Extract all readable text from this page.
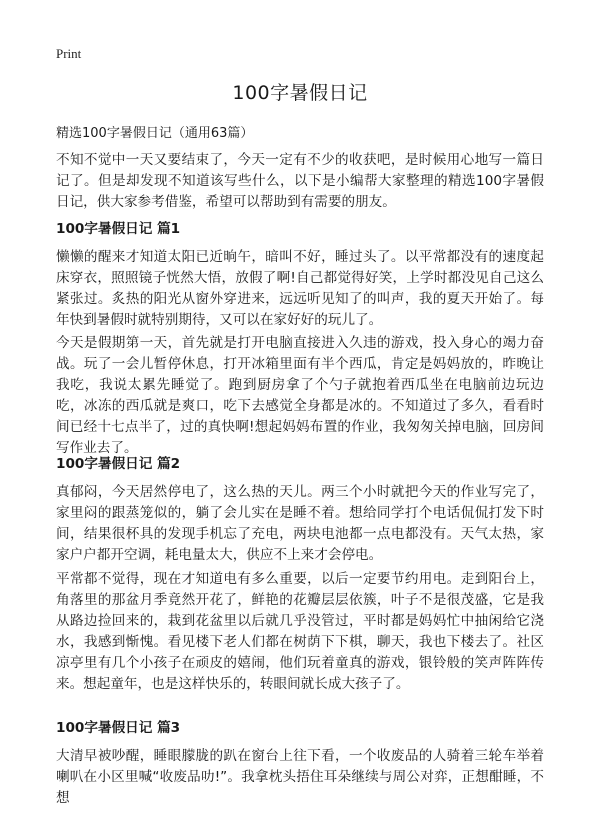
Print
100字暑假日记

精选100字暑假日记（通用63篇）

不知不觉中一天又要结束了，今天一定有不少的收获吧，是时候用心地写一篇日记了。但是却发现不知道该写些什么，以下是小编帮大家整理的精选100字暑假日记，供大家参考借鉴，希望可以帮助到有需要的朋友。

100字暑假日记 篇1

懒懒的醒来才知道太阳已近晌午，暗叫不好，睡过头了。以平常都没有的速度起床穿衣，照照镜子恍然大悟，放假了啊!自己都觉得好笑，上学时都没见自己这么紧张过。炙热的阳光从窗外穿进来，远远听见知了的叫声，我的夏天开始了。每年快到暑假时就特别期待，又可以在家好好的玩儿了。

今天是假期第一天，首先就是打开电脑直接进入久违的游戏，投入身心的竭力奋战。玩了一会儿暂停休息，打开冰箱里面有半个西瓜，肯定是妈妈放的，昨晚让我吃，我说太累先睡觉了。跑到厨房拿了个勺子就抱着西瓜坐在电脑前边玩边吃，冰冻的西瓜就是爽口，吃下去感觉全身都是冰的。不知道过了多久，看看时间已经十七点半了，过的真快啊!想起妈妈布置的作业，我匆匆关掉电脑，回房间写作业去了。

100字暑假日记 篇2

真郁闷，今天居然停电了，这么热的天儿。两三个小时就把今天的作业写完了，家里闷的跟蒸笼似的，躺了会儿实在是睡不着。想给同学打个电话侃侃打发下时间，结果很杯具的发现手机忘了充电，两块电池都一点电都没有。天气太热，家家户户都开空调，耗电量太大，供应不上来才会停电。

平常都不觉得，现在才知道电有多么重要，以后一定要节约用电。走到阳台上，角落里的那盆月季竟然开花了，鲜艳的花瓣层层依簇，叶子不是很茂盛，它是我从路边捡回来的，栽到花盆里以后就几乎没管过，平时都是妈妈忙中抽闲给它浇水，我感到惭愧。看见楼下老人们都在树荫下下棋，聊天，我也下楼去了。社区凉亭里有几个小孩子在顽皮的嬉闹，他们玩着童真的游戏，银铃般的笑声阵阵传来。想起童年，也是这样快乐的，转眼间就长成大孩子了。

100字暑假日记 篇3

大清早被吵醒，睡眼朦胧的趴在窗台上往下看，一个收废品的人骑着三轮车举着喇叭在小区里喊“收废品叻!”。我拿枕头捂住耳朵继续与周公对弈，正想酣睡，不想
